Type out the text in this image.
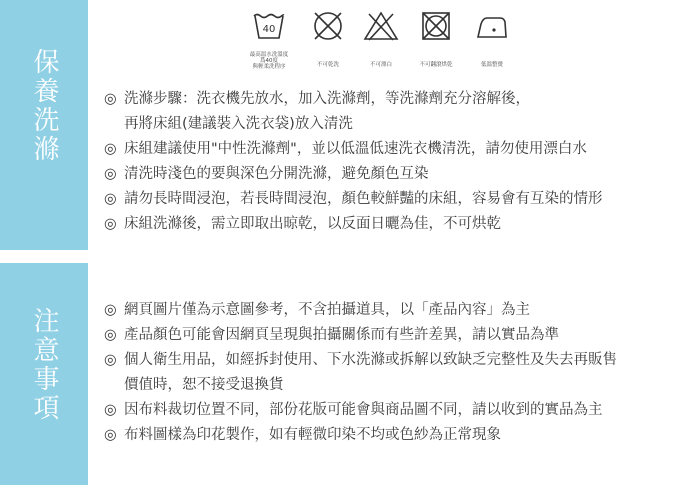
保養洗滌
注意事項
40
最高溫水洗溫度
爲40度
與輕柔洗程序	不可乾洗	不可漂白	不可翻滾烘乾	低溫整燙
◎ 洗滌步驟：洗衣機先放水，加入洗滌劑，等洗滌劑充分溶解後，
再將床組(建議裝入洗衣袋)放入清洗
◎ 床組建議使用"中性洗滌劑"，並以低溫低速洗衣機清洗，請勿使用漂白水
◎ 清洗時淺色的要與深色分開洗滌，避免顏色互染
◎ 請勿長時間浸泡，若長時間浸泡，顏色較鮮豔的床組，容易會有互染的情形
◎ 床組洗滌後，需立即取出晾乾，以反面日曬為佳，不可烘乾
◎ 網頁圖片僅為示意圖參考，不含拍攝道具，以「產品內容」為主
◎ 產品顏色可能會因網頁呈現與拍攝關係而有些許差異，請以實品為準
◎ 個人衛生用品，如經拆封使用、下水洗滌或拆解以致缺乏完整性及失去再販售
價值時，恕不接受退換貨
◎ 因布料裁切位置不同，部份花版可能會與商品圖不同，請以收到的實品為主
◎ 布料圖樣為印花製作，如有輕微印染不均或色紗為正常現象
